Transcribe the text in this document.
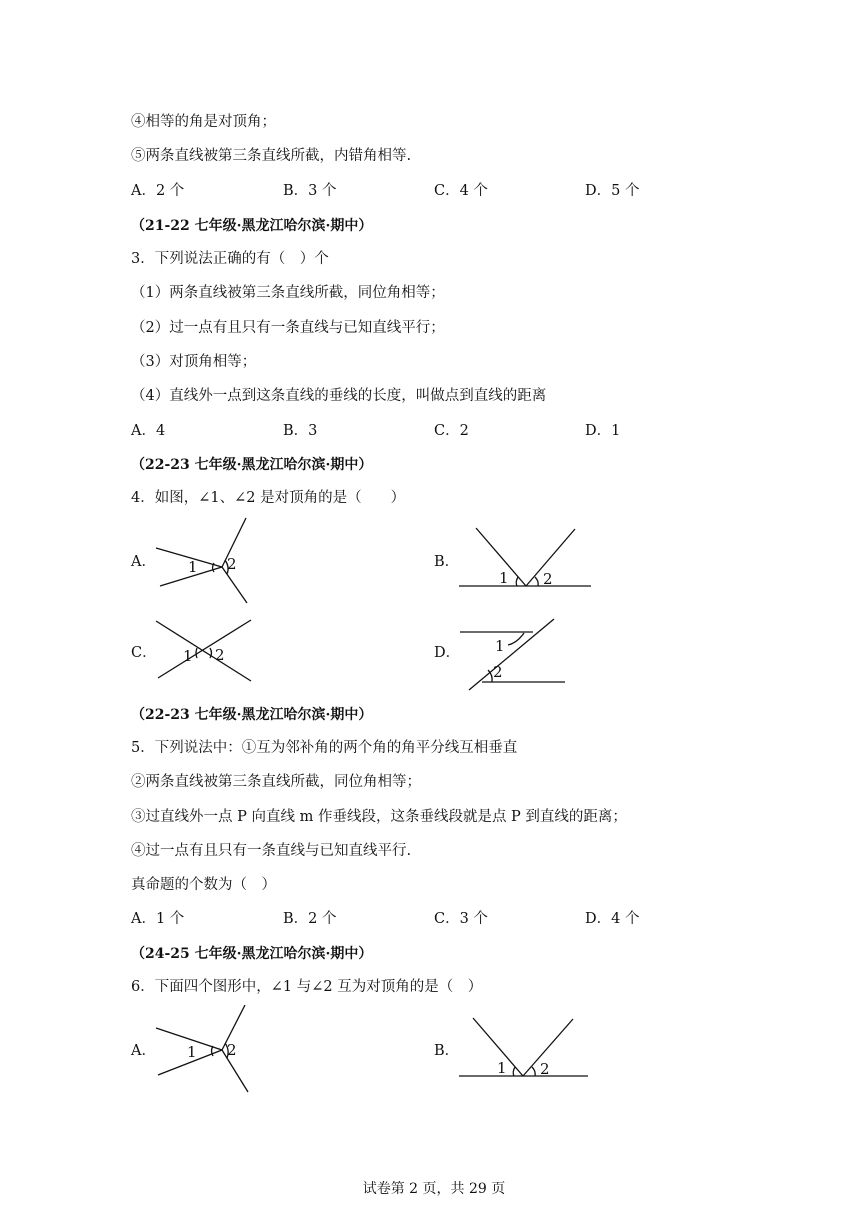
④相等的角是对顶角；
⑤两条直线被第三条直线所截，内错角相等.
A．2 个	B．3 个	C．4 个	D．5 个
（21-22 七年级·黑龙江哈尔滨·期中）
3．下列说法正确的有（　）个
（1）两条直线被第三条直线所截，同位角相等；
（2）过一点有且只有一条直线与已知直线平行；
（3）对顶角相等；
（4）直线外一点到这条直线的垂线的长度，叫做点到直线的距离
A．4	B．3	C．2	D．1
（22-23 七年级·黑龙江哈尔滨·期中）
4．如图，∠1、∠2 是对顶角的是（　　）
A． 1 2	B．
1 2
C． 1 2	D． 1
2
（22-23 七年级·黑龙江哈尔滨·期中）
5．下列说法中：①互为邻补角的两个角的角平分线互相垂直
②两条直线被第三条直线所截，同位角相等；
③过直线外一点 P 向直线 m 作垂线段，这条垂线段就是点 P 到直线的距离；
④过一点有且只有一条直线与已知直线平行.
真命题的个数为（　）
A．1 个	B．2 个	C．3 个	D．4 个
（24-25 七年级·黑龙江哈尔滨·期中）
6．下面四个图形中，∠1 与∠2 互为对顶角的是（　）
A． 1 2	B．
1 2
试卷第 2 页，共 29 页
